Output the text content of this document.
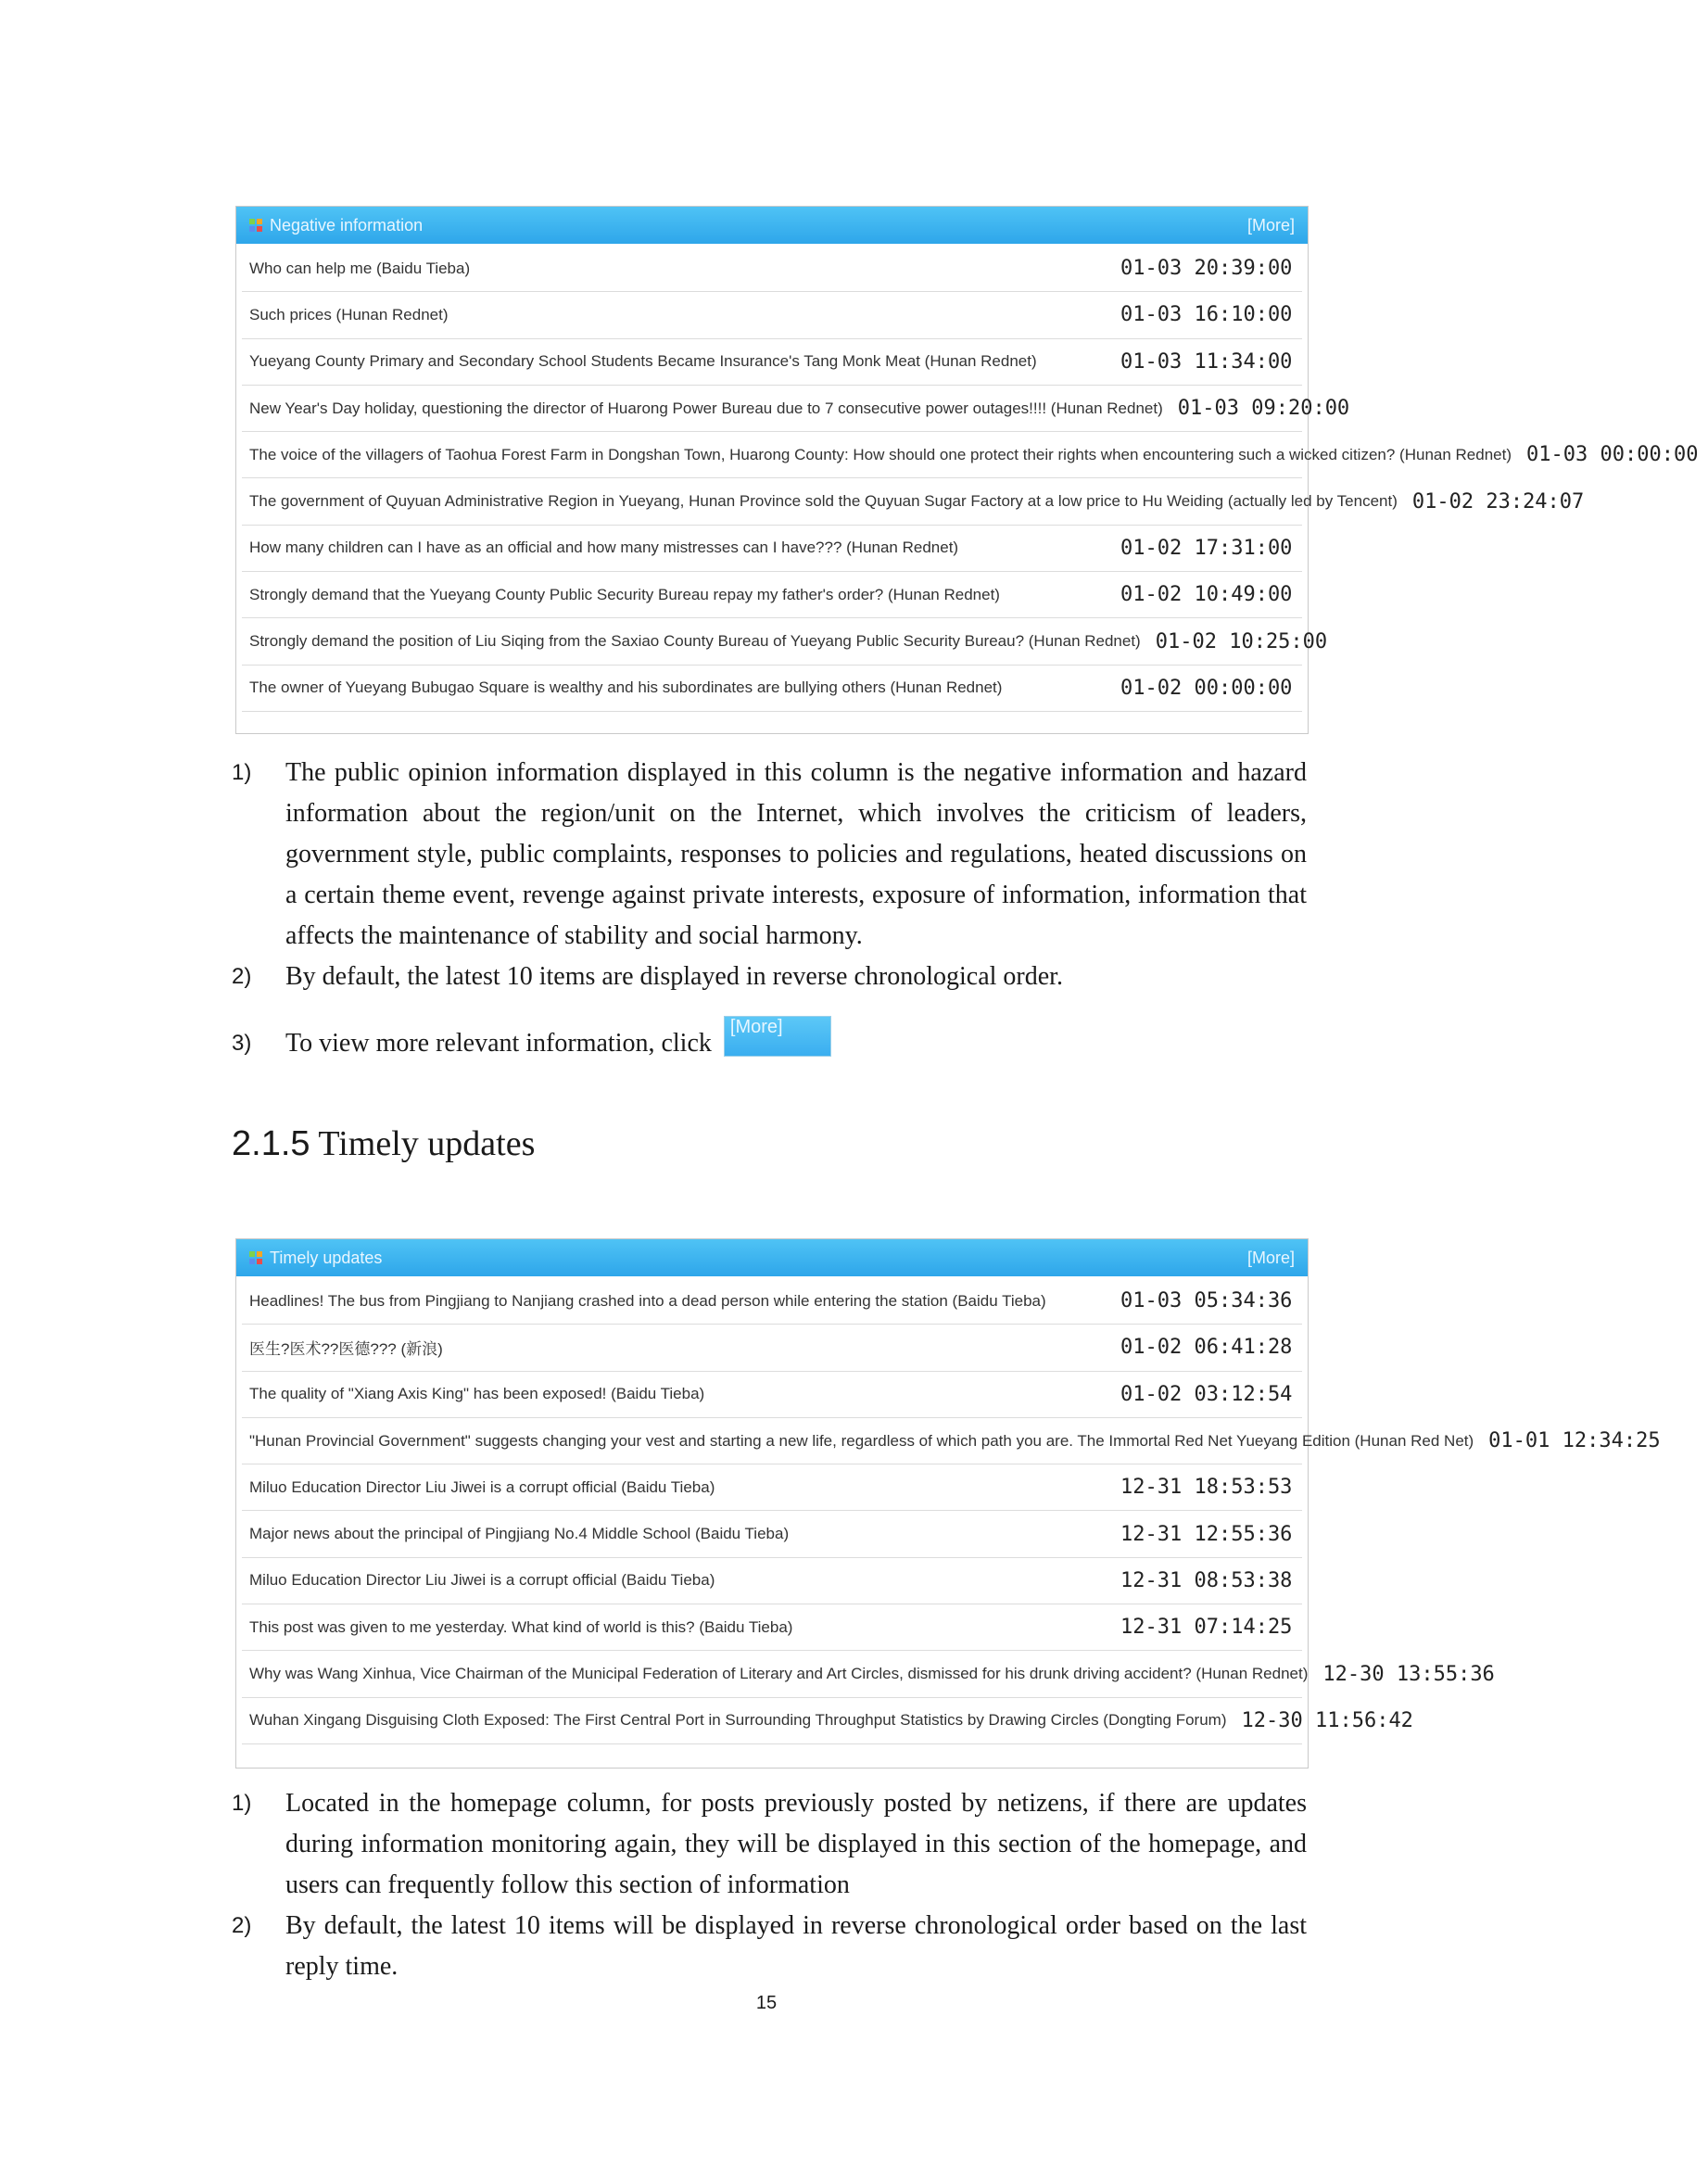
Negative information	[More]
Who can help me (Baidu Tieba)	01-03 20:39:00
Such prices (Hunan Rednet)	01-03 16:10:00
Yueyang County Primary and Secondary School Students Became Insurance's Tang Monk Meat (Hunan Rednet)	01-03 11:34:00
New Year's Day holiday, questioning the director of Huarong Power Bureau due to 7 consecutive power outages!!!! (Hunan Rednet) 01-03 09:20:00
The voice of the villagers of Taohua Forest Farm in Dongshan Town, Huarong County: How should one protect their rights when encountering such a wicked citizen? (Hunan Rednet) 01-03 00:00:00
The government of Quyuan Administrative Region in Yueyang, Hunan Province sold the Quyuan Sugar Factory at a low price to Hu Weiding (actually led by Tencent) 01-02 23:24:07
How many children can I have as an official and how many mistresses can I have??? (Hunan Rednet)	01-02 17:31:00
Strongly demand that the Yueyang County Public Security Bureau repay my father's order? (Hunan Rednet)	01-02 10:49:00
Strongly demand the position of Liu Siqing from the Saxiao County Bureau of Yueyang Public Security Bureau? (Hunan Rednet) 01-02 10:25:00
The owner of Yueyang Bubugao Square is wealthy and his subordinates are bullying others (Hunan Rednet)	01-02 00:00:00
1) The public opinion information displayed in this column is the negative information and hazard information about the region/unit on the Internet, which involves the criticism of leaders, government style, public complaints, responses to policies and regulations, heated discussions on a certain theme event, revenge against private interests, exposure of information, information that affects the maintenance of stability and social harmony.
2) By default, the latest 10 items are displayed in reverse chronological order.
3) To view more relevant information, click [More]
2.1.5 Timely updates
Timely updates	[More]
Headlines! The bus from Pingjiang to Nanjiang crashed into a dead person while entering the station (Baidu Tieba)	01-03 05:34:36
医生?医术??医德??? (新浪)	01-02 06:41:28
The quality of "Xiang Axis King" has been exposed! (Baidu Tieba)	01-02 03:12:54
"Hunan Provincial Government" suggests changing your vest and starting a new life, regardless of which path you are. The Immortal Red Net Yueyang Edition (Hunan Red Net) 01-01 12:34:25
Miluo Education Director Liu Jiwei is a corrupt official (Baidu Tieba)	12-31 18:53:53
Major news about the principal of Pingjiang No.4 Middle School (Baidu Tieba)	12-31 12:55:36
Miluo Education Director Liu Jiwei is a corrupt official (Baidu Tieba)	12-31 08:53:38
This post was given to me yesterday. What kind of world is this? (Baidu Tieba)	12-31 07:14:25
Why was Wang Xinhua, Vice Chairman of the Municipal Federation of Literary and Art Circles, dismissed for his drunk driving accident? (Hunan Rednet) 12-30 13:55:36
Wuhan Xingang Disguising Cloth Exposed: The First Central Port in Surrounding Throughput Statistics by Drawing Circles (Dongting Forum) 12-30 11:56:42
1) Located in the homepage column, for posts previously posted by netizens, if there are updates during information monitoring again, they will be displayed in this section of the homepage, and users can frequently follow this section of information
2) By default, the latest 10 items will be displayed in reverse chronological order based on the last reply time.
15
